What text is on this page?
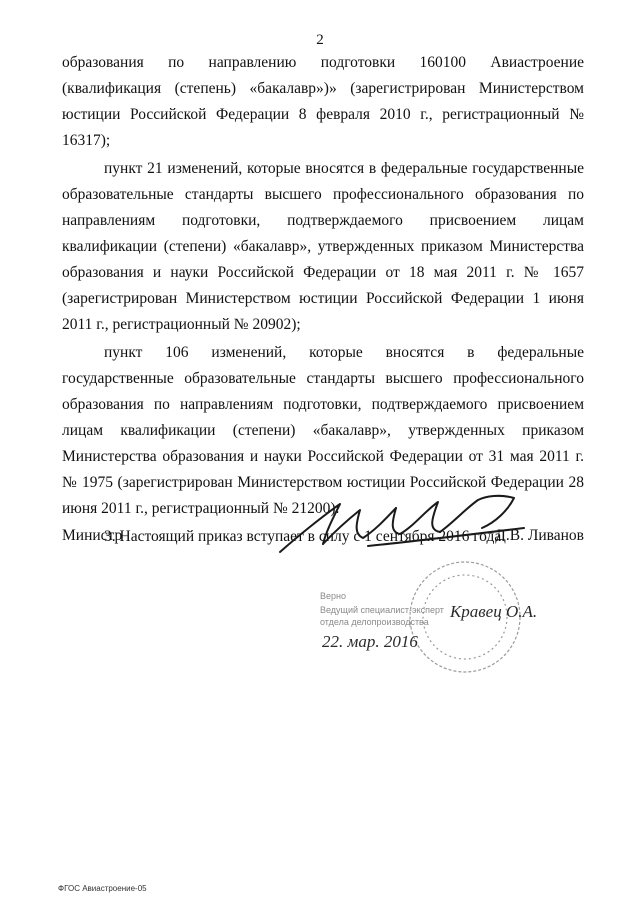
2

образования по направлению подготовки 160100 Авиастроение (квалификация (степень) «бакалавр»)» (зарегистрирован Министерством юстиции Российской Федерации 8 февраля 2010 г., регистрационный № 16317);

пункт 21 изменений, которые вносятся в федеральные государственные образовательные стандарты высшего профессионального образования по направлениям подготовки, подтверждаемого присвоением лицам квалификации (степени) «бакалавр», утвержденных приказом Министерства образования и науки Российской Федерации от 18 мая 2011 г. № 1657 (зарегистрирован Министерством юстиции Российской Федерации 1 июня 2011 г., регистрационный № 20902);

пункт 106 изменений, которые вносятся в федеральные государственные образовательные стандарты высшего профессионального образования по направлениям подготовки, подтверждаемого присвоением лицам квалификации (степени) «бакалавр», утвержденных приказом Министерства образования и науки Российской Федерации от 31 мая 2011 г. № 1975 (зарегистрирован Министерством юстиции Российской Федерации 28 июня 2011 г., регистрационный № 21200).

3. Настоящий приказ вступает в силу с 1 сентября 2016 года.

Министр	Д.В. Ливанов
Верно
Ведущий специалист-эксперт
отдела делопроизводства
Кравец О.А.
22. мар. 2016
ФГОС Авиастроение-05
